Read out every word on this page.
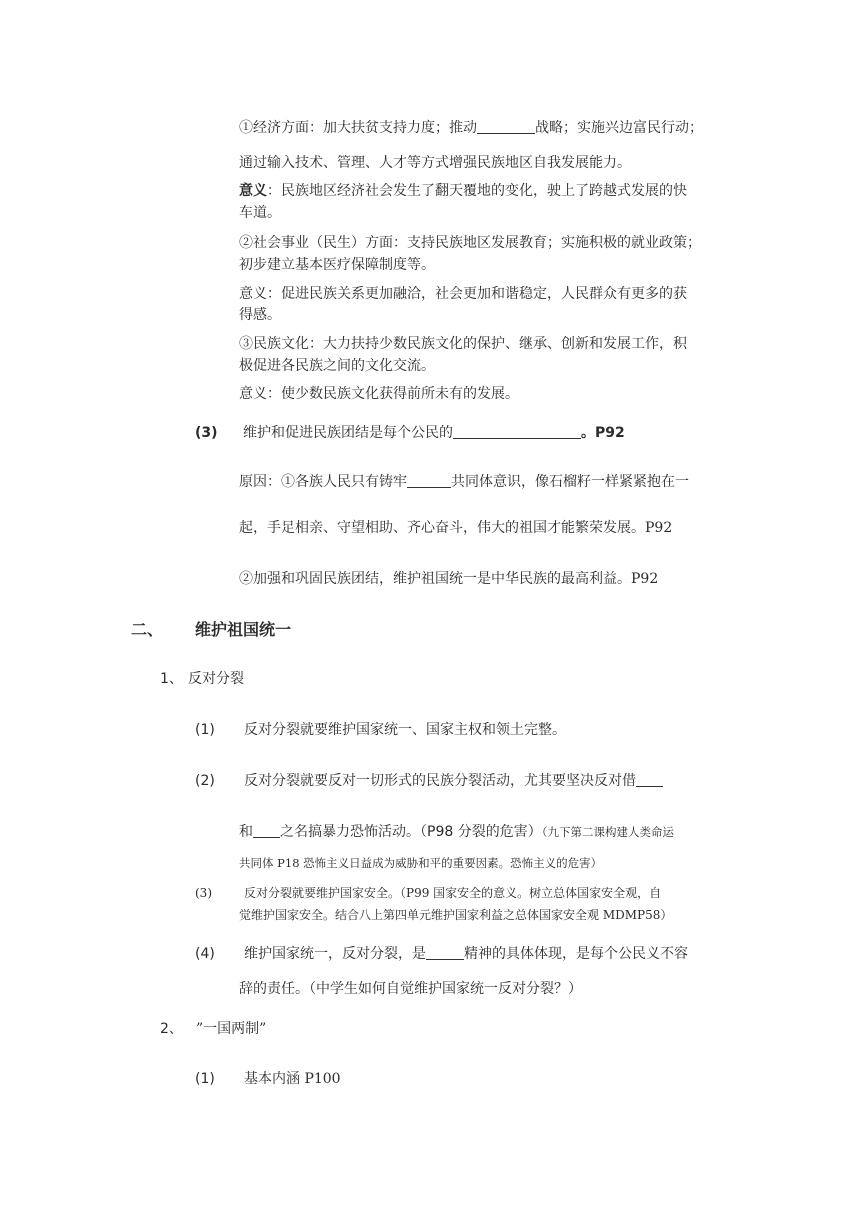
①经济方面：加大扶贫支持力度；推动	战略；实施兴边富民行动；
通过输入技术、管理、人才等方式增强民族地区自我发展能力。
意义：民族地区经济社会发生了翻天覆地的变化，驶上了跨越式发展的快
车道。
②社会事业（民生）方面：支持民族地区发展教育；实施积极的就业政策；
初步建立基本医疗保障制度等。
意义：促进民族关系更加融洽，社会更加和谐稳定，人民群众有更多的获
得感。
③民族文化：大力扶持少数民族文化的保护、继承、创新和发展工作，积
极促进各民族之间的文化交流。
意义：使少数民族文化获得前所未有的发展。
(3) 维护和促进民族团结是每个公民的	。P92
原因：①各族人民只有铸牢	共同体意识，像石榴籽一样紧紧抱在一
起，手足相亲、守望相助、齐心奋斗，伟大的祖国才能繁荣发展。P92
②加强和巩固民族团结，维护祖国统一是中华民族的最高利益。P92
二、 维护祖国统一
1、 反对分裂
(1) 反对分裂就要维护国家统一、国家主权和领土完整。
(2) 反对分裂就要反对一切形式的民族分裂活动，尤其要坚决反对借
和 之名搞暴力恐怖活动。（P98 分裂的危害）（九下第二课构建人类命运
共同体 P18 恐怖主义日益成为威胁和平的重要因素。恐怖主义的危害）
(3)	反对分裂就要维护国家安全。（P99 国家安全的意义。树立总体国家安全观，自
觉维护国家安全。结合八上第四单元维护国家利益之总体国家安全观 MDMP58）
(4) 维护国家统一，反对分裂，是	精神的具体体现，是每个公民义不容
辞的责任。（中学生如何自觉维护国家统一反对分裂？）
2、 ”一国两制”
(1) 基本内涵 P100
